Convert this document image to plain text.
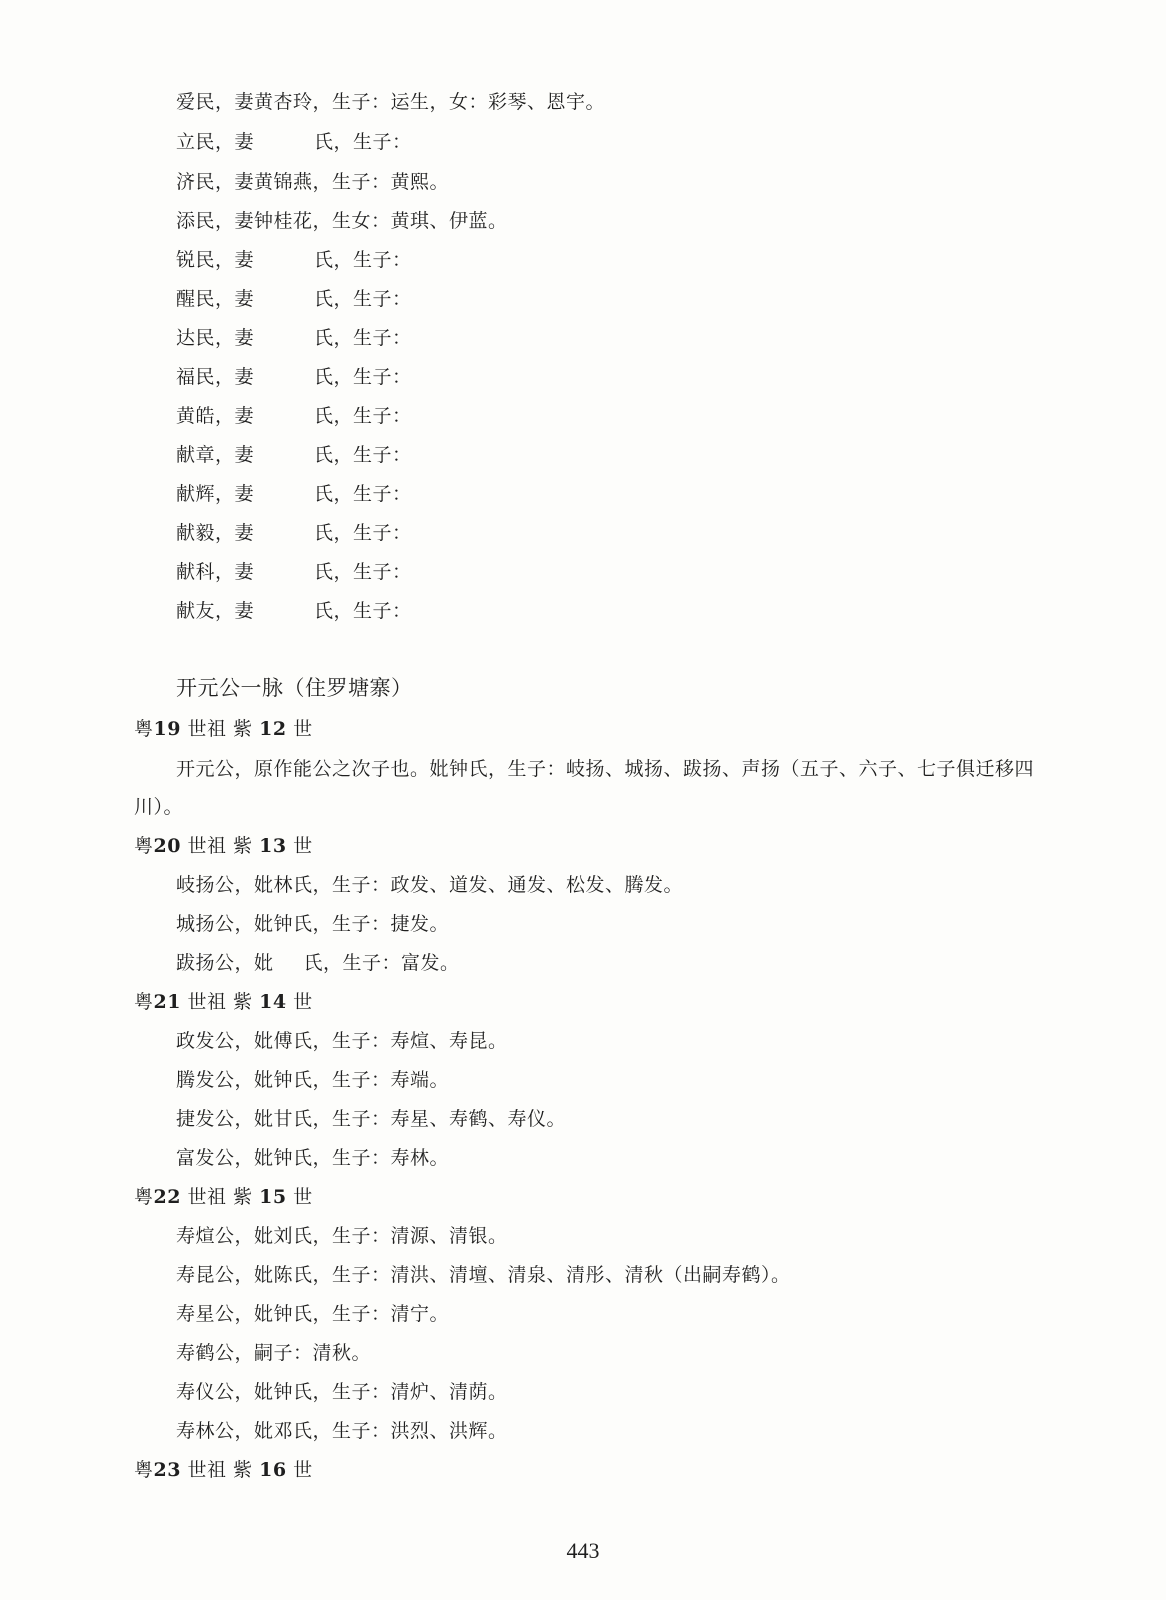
爱民，妻黄杏玲，生子：运生，女：彩琴、恩宇。
立民，妻	氏，生子：
济民，妻黄锦燕，生子：黄熙。
添民，妻钟桂花，生女：黄琪、伊蓝。
锐民，妻	氏，生子：
醒民，妻	氏，生子：
达民，妻	氏，生子：
福民，妻	氏，生子：
黄皓，妻	氏，生子：
献章，妻	氏，生子：
献辉，妻	氏，生子：
献毅，妻	氏，生子：
献科，妻	氏，生子：
献友，妻	氏，生子：
开元公一脉（住罗塘寨）
粤19 世祖 紫 12 世
开元公，原作能公之次子也。妣钟氏，生子：岐扬、城扬、跋扬、声扬（五子、六子、七子俱迁移四川）。
粤20 世祖 紫 13 世
岐扬公，妣林氏，生子：政发、道发、通发、松发、腾发。
城扬公，妣钟氏，生子：捷发。
跋扬公，妣 氏，生子：富发。
粤21 世祖 紫 14 世
政发公，妣傅氏，生子：寿煊、寿昆。
腾发公，妣钟氏，生子：寿端。
捷发公，妣甘氏，生子：寿星、寿鹤、寿仪。
富发公，妣钟氏，生子：寿林。
粤22 世祖 紫 15 世
寿煊公，妣刘氏，生子：清源、清银。
寿昆公，妣陈氏，生子：清洪、清壇、清泉、清彤、清秋（出嗣寿鹤）。
寿星公，妣钟氏，生子：清宁。
寿鹤公，嗣子：清秋。
寿仪公，妣钟氏，生子：清炉、清荫。
寿林公，妣邓氏，生子：洪烈、洪辉。
粤23 世祖 紫 16 世
443
